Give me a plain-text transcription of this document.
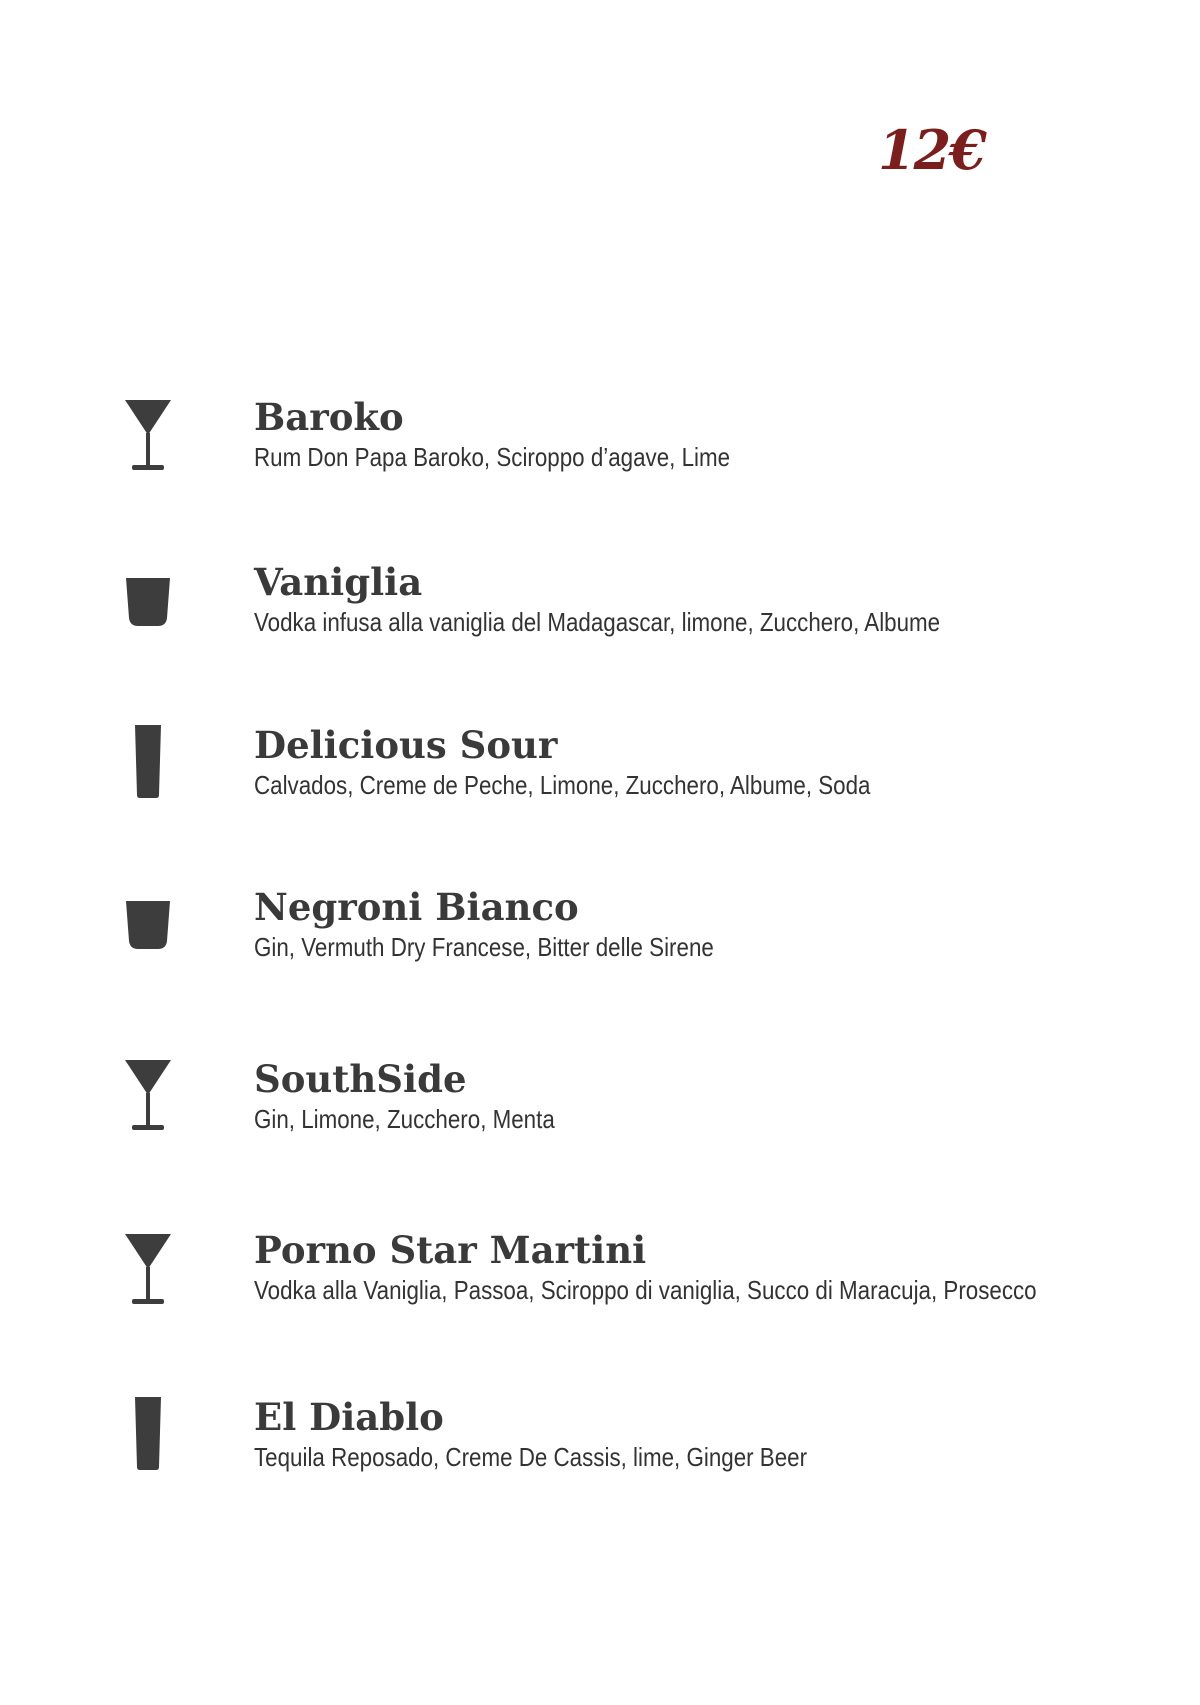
12€
Baroko

Rum Don Papa Baroko, Sciroppo d’agave, Lime

Vaniglia

Vodka infusa alla vaniglia del Madagascar, limone, Zucchero, Albume

Delicious Sour

Calvados, Creme de Peche, Limone, Zucchero, Albume, Soda

Negroni Bianco

Gin, Vermuth Dry Francese, Bitter delle Sirene

SouthSide

Gin, Limone, Zucchero, Menta

Porno Star Martini

Vodka alla Vaniglia, Passoa, Sciroppo di vaniglia, Succo di Maracuja, Prosecco

El Diablo

Tequila Reposado, Creme De Cassis, lime, Ginger Beer
